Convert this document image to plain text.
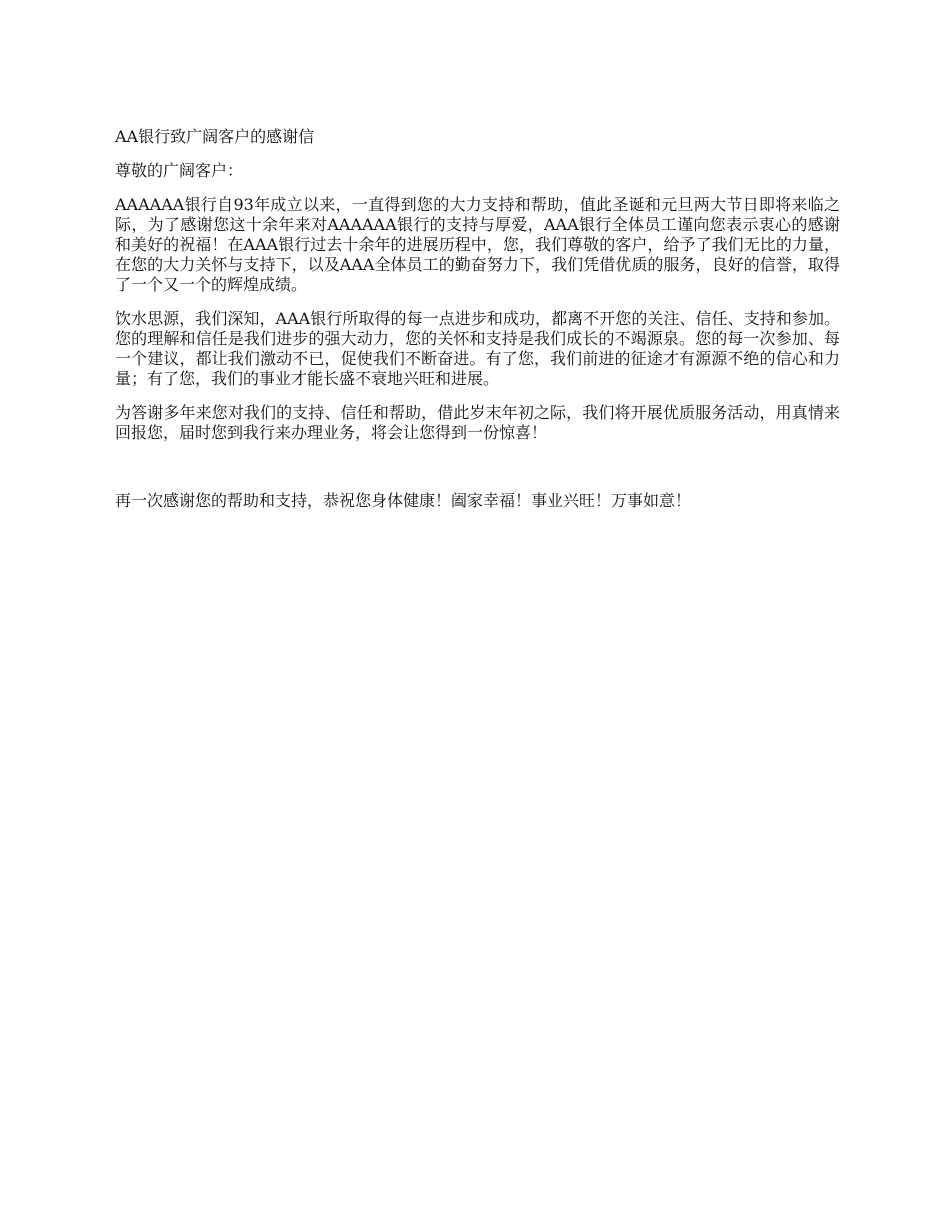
AA银行致广阔客户的感谢信

尊敬的广阔客户：

AAAAAA银行自93年成立以来，一直得到您的大力支持和帮助，值此圣诞和元旦两大节日即将来临之际，为了感谢您这十余年来对AAAAAA银行的支持与厚爱，AAA银行全体员工谨向您表示衷心的感谢和美好的祝福！在AAA银行过去十余年的进展历程中，您，我们尊敬的客户，给予了我们无比的力量，在您的大力关怀与支持下，以及AAA全体员工的勤奋努力下，我们凭借优质的服务，良好的信誉，取得了一个又一个的辉煌成绩。

饮水思源，我们深知，AAA银行所取得的每一点进步和成功，都离不开您的关注、信任、支持和参加。您的理解和信任是我们进步的强大动力，您的关怀和支持是我们成长的不竭源泉。您的每一次参加、每一个建议，都让我们激动不已，促使我们不断奋进。有了您，我们前进的征途才有源源不绝的信心和力量；有了您，我们的事业才能长盛不衰地兴旺和进展。

为答谢多年来您对我们的支持、信任和帮助，借此岁末年初之际，我们将开展优质服务活动，用真情来回报您，届时您到我行来办理业务，将会让您得到一份惊喜！

再一次感谢您的帮助和支持，恭祝您身体健康！阖家幸福！事业兴旺！万事如意！
